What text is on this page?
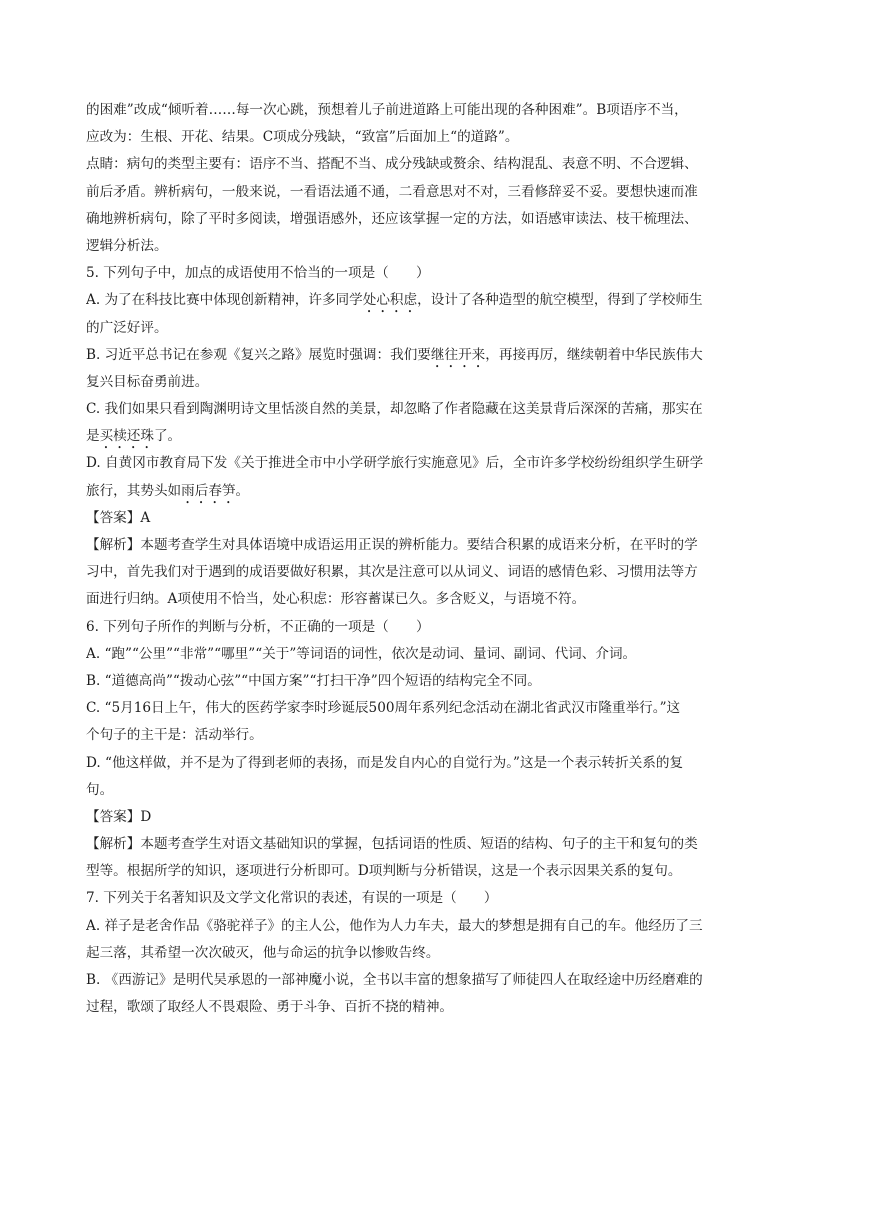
的困难”改成“倾听着……每一次心跳，预想着儿子前进道路上可能出现的各种困难”。B项语序不当，
应改为：生根、开花、结果。C项成分残缺，“致富”后面加上“的道路”。
点睛：病句的类型主要有：语序不当、搭配不当、成分残缺或赘余、结构混乱、表意不明、不合逻辑、
前后矛盾。辨析病句，一般来说，一看语法通不通，二看意思对不对，三看修辞妥不妥。要想快速而准
确地辨析病句，除了平时多阅读，增强语感外，还应该掌握一定的方法，如语感审读法、枝干梳理法、
逻辑分析法。
5. 下列句子中，加点的成语使用不恰当的一项是（　　）
A. 为了在科技比赛中体现创新精神，许多同学处心积虑，设计了各种造型的航空模型，得到了学校师生
的广泛好评。
B. 习近平总书记在参观《复兴之路》展览时强调：我们要继往开来，再接再厉，继续朝着中华民族伟大
复兴目标奋勇前进。
C. 我们如果只看到陶渊明诗文里恬淡自然的美景，却忽略了作者隐藏在这美景背后深深的苦痛，那实在
是买椟还珠了。
D. 自黄冈市教育局下发《关于推进全市中小学研学旅行实施意见》后，全市许多学校纷纷组织学生研学
旅行，其势头如雨后春笋。
【答案】A
【解析】本题考查学生对具体语境中成语运用正误的辨析能力。要结合积累的成语来分析，在平时的学
习中，首先我们对于遇到的成语要做好积累，其次是注意可以从词义、词语的感情色彩、习惯用法等方
面进行归纳。A项使用不恰当，处心积虑：形容蓄谋已久。多含贬义，与语境不符。
6. 下列句子所作的判断与分析，不正确的一项是（　　）
A. “跑”“公里”“非常”“哪里”“关于”等词语的词性，依次是动词、量词、副词、代词、介词。
B. “道德高尚”“拨动心弦”“中国方案”“打扫干净”四个短语的结构完全不同。
C. “5月16日上午，伟大的医药学家李时珍诞辰500周年系列纪念活动在湖北省武汉市隆重举行。”这
个句子的主干是：活动举行。
D. “他这样做，并不是为了得到老师的表扬，而是发自内心的自觉行为。”这是一个表示转折关系的复
句。
【答案】D
【解析】本题考查学生对语文基础知识的掌握，包括词语的性质、短语的结构、句子的主干和复句的类
型等。根据所学的知识，逐项进行分析即可。D项判断与分析错误，这是一个表示因果关系的复句。
7. 下列关于名著知识及文学文化常识的表述，有误的一项是（　　）
A. 祥子是老舍作品《骆驼祥子》的主人公，他作为人力车夫，最大的梦想是拥有自己的车。他经历了三
起三落，其希望一次次破灭，他与命运的抗争以惨败告终。
B. 《西游记》是明代吴承恩的一部神魔小说，全书以丰富的想象描写了师徒四人在取经途中历经磨难的
过程，歌颂了取经人不畏艰险、勇于斗争、百折不挠的精神。
